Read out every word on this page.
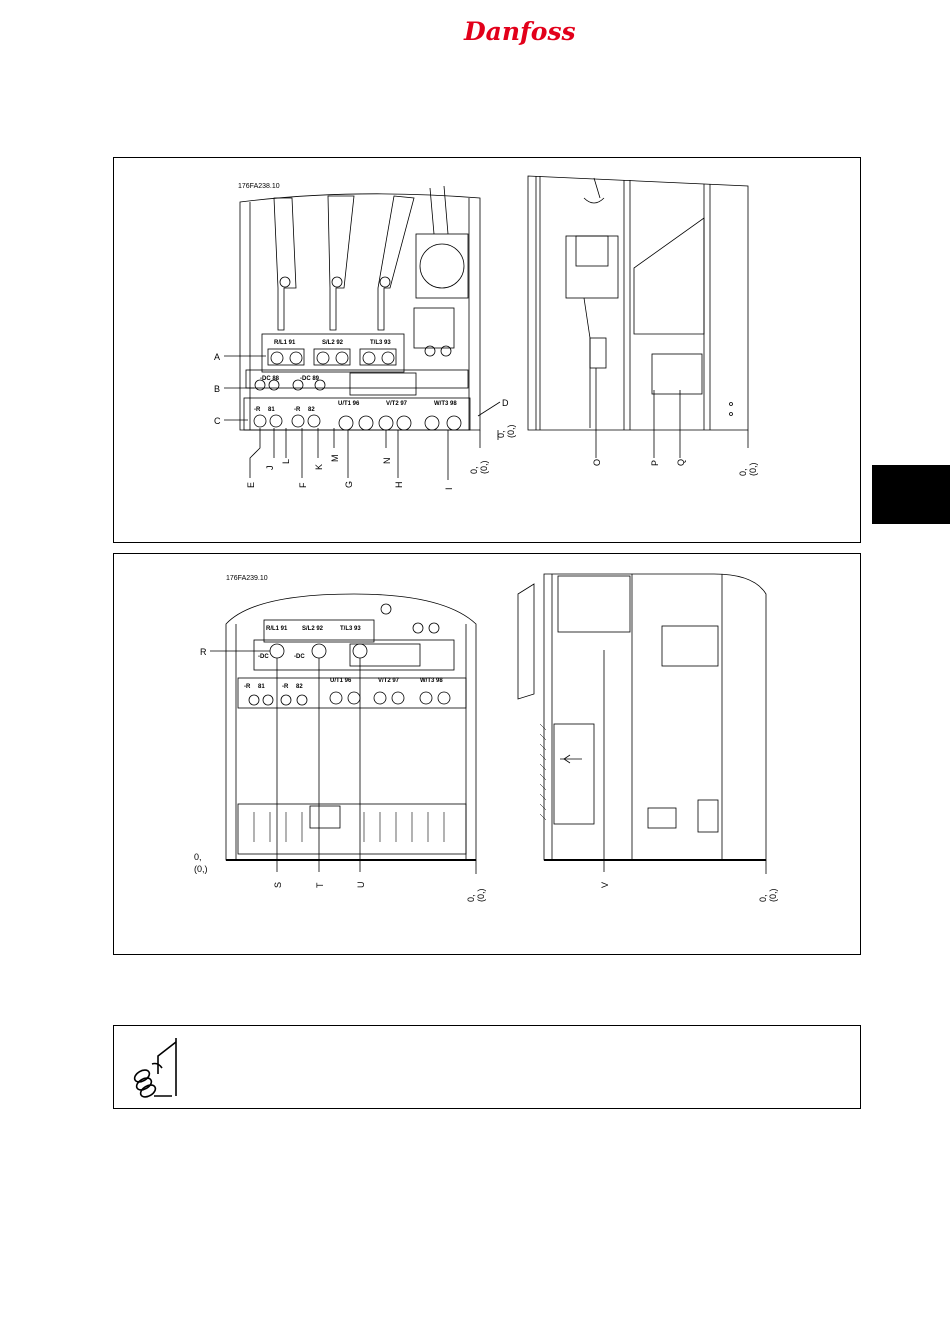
Danfoss
176FA238.10
R/L1 91	S/L2 92	T/L3 93
-DC 88	-DC 89
-R 81	-R 82
U/T1 96	V/T2 97	W/T3 98
A
B
C
D
E
J
L
F
K
M
G
N
H
I
0, (0,)
0, (0,)
O	P Q
0, (0,)
176FA239.10
R/L1 91 S/L2 92	T/L3 93
-DC	-DC
-R 81	-R 82
U/T1 96	V/T2 97	W/T3 98
R
0,
(0,)
S	T	U
0, (0,)
V
0, (0,)
